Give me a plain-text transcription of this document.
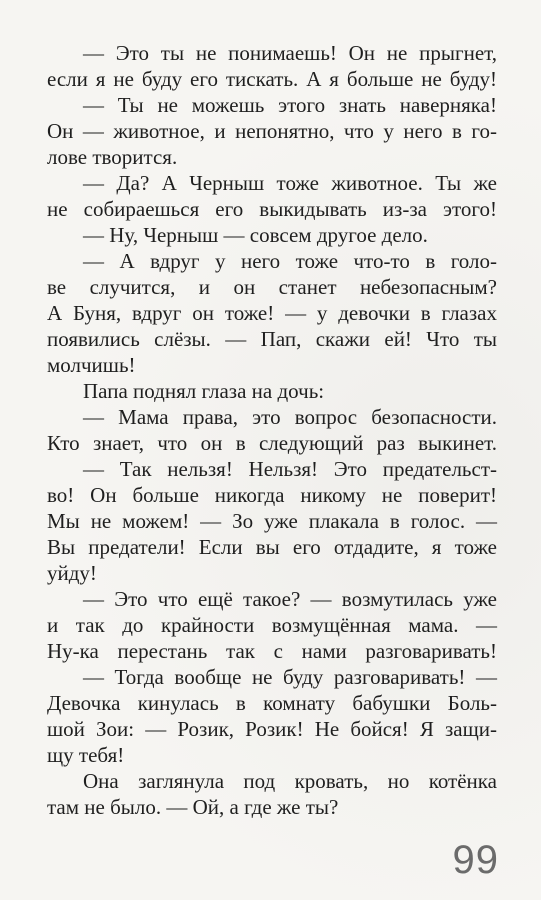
— Это ты не понимаешь! Он не прыгнет,
если я не буду его тискать. А я больше не буду!
— Ты не можешь этого знать наверняка!
Он — животное, и непонятно, что у него в го-
лове творится.
— Да? А Черныш тоже животное. Ты же
не собираешься его выкидывать из-за этого!
— Ну, Черныш — совсем другое дело.
— А вдруг у него тоже что-то в голо-
ве случится, и он станет небезопасным?
А Буня, вдруг он тоже! — у девочки в глазах
появились слёзы. — Пап, скажи ей! Что ты
молчишь!
Папа поднял глаза на дочь:
— Мама права, это вопрос безопасности.
Кто знает, что он в следующий раз выкинет.
— Так нельзя! Нельзя! Это предательст-
во! Он больше никогда никому не поверит!
Мы не можем! — Зо уже плакала в голос. —
Вы предатели! Если вы его отдадите, я тоже
уйду!
— Это что ещё такое? — возмутилась уже
и так до крайности возмущённая мама. —
Ну-ка перестань так с нами разговаривать!
— Тогда вообще не буду разговаривать! —
Девочка кинулась в комнату бабушки Боль-
шой Зои: — Розик, Розик! Не бойся! Я защи-
щу тебя!
Она заглянула под кровать, но котёнка
там не было. — Ой, а где же ты?
99
